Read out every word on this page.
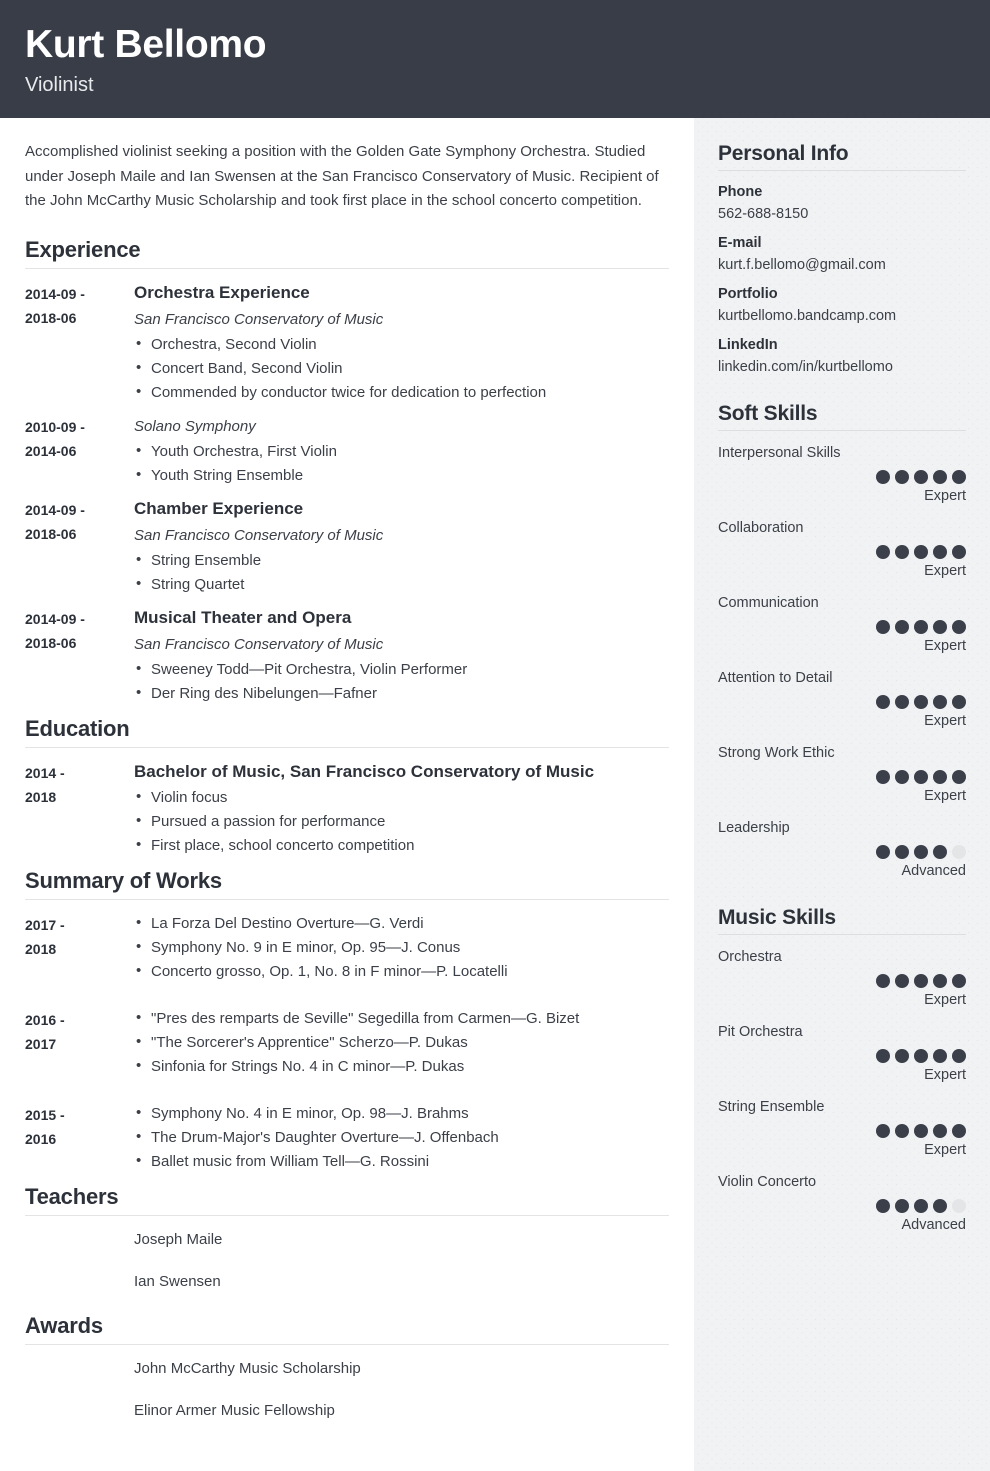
Kurt Bellomo
Violinist
Accomplished violinist seeking a position with the Golden Gate Symphony Orchestra. Studied under Joseph Maile and Ian Swensen at the San Francisco Conservatory of Music. Recipient of the John McCarthy Music Scholarship and took first place in the school concerto competition.
Experience
2014-09 -
2018-06
Orchestra Experience
San Francisco Conservatory of Music
• Orchestra, Second Violin
• Concert Band, Second Violin
• Commended by conductor twice for dedication to perfection
2010-09 -
2014-06
Solano Symphony
• Youth Orchestra, First Violin
• Youth String Ensemble
2014-09 -
2018-06
Chamber Experience
San Francisco Conservatory of Music
• String Ensemble
• String Quartet
2014-09 -
2018-06
Musical Theater and Opera
San Francisco Conservatory of Music
• Sweeney Todd—Pit Orchestra, Violin Performer
• Der Ring des Nibelungen—Fafner
Education
2014 -
2018
Bachelor of Music, San Francisco Conservatory of Music
• Violin focus
• Pursued a passion for performance
• First place, school concerto competition
Summary of Works
2017 -
2018
• La Forza Del Destino Overture—G. Verdi
• Symphony No. 9 in E minor, Op. 95—J. Conus
• Concerto grosso, Op. 1, No. 8 in F minor—P. Locatelli
2016 -
2017
• "Pres des remparts de Seville" Segedilla from Carmen—G. Bizet
• "The Sorcerer's Apprentice" Scherzo—P. Dukas
• Sinfonia for Strings No. 4 in C minor—P. Dukas
2015 -
2016
• Symphony No. 4 in E minor, Op. 98—J. Brahms
• The Drum-Major's Daughter Overture—J. Offenbach
• Ballet music from William Tell—G. Rossini
Teachers
Joseph Maile
Ian Swensen
Awards
John McCarthy Music Scholarship
Elinor Armer Music Fellowship
Personal Info
Phone
562-688-8150
E-mail
kurt.f.bellomo@gmail.com
Portfolio
kurtbellomo.bandcamp.com
LinkedIn
linkedin.com/in/kurtbellomo
Soft Skills
Interpersonal Skills
Expert
Collaboration
Expert
Communication
Expert
Attention to Detail
Expert
Strong Work Ethic
Expert
Leadership
Advanced
Music Skills
Orchestra
Expert
Pit Orchestra
Expert
String Ensemble
Expert
Violin Concerto
Advanced
